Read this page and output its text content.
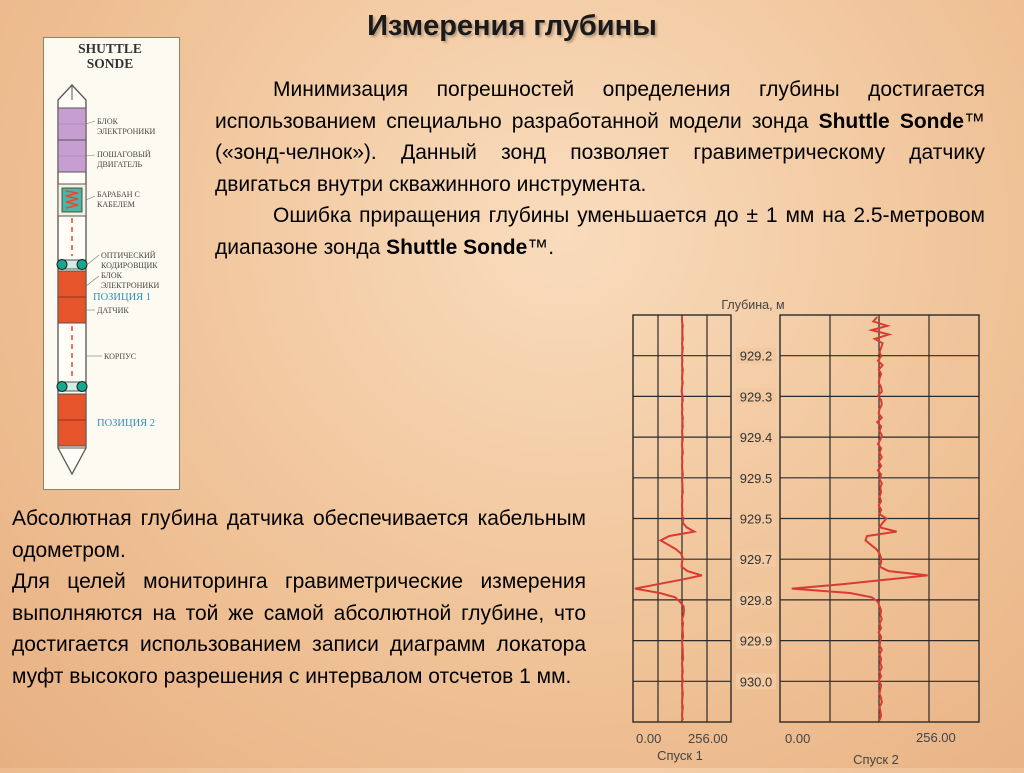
Измерения глубины

Минимизация погрешностей определения глубины достигается использованием специально разработанной модели зонда Shuttle Sonde™ («зонд-челнок»). Данный зонд позволяет гравиметрическому датчику двигаться внутри скважинного инструмента.

Ошибка приращения глубины уменьшается до ± 1 мм на 2.5-метровом диапазоне зонда Shuttle Sonde™.

Абсолютная глубина датчика обеспечивается кабельным одометром.

Для целей мониторинга гравиметрические измерения выполняются на той же самой абсолютной глубине, что достигается использованием записи диаграмм локатора муфт высокого разрешения с интервалом отсчетов 1 мм.

SHUTTLE
SONDE
БЛОК
ЭЛЕКТРОНИКИ
ПОШАГОВЫЙ
ДВИГАТЕЛЬ
БАРАБАН С
КАБЕЛЕМ
ОПТИЧЕСКИЙ
КОДИРОВЩИК
БЛОК
ЭЛЕКТРОНИКИ
ДАТЧИК
КОРПУС
ПОЗИЦИЯ 1
ПОЗИЦИЯ 2
Глубина, м
929.2
929.3
929.4
929.5
929.5
929.7
929.8
929.9
930.0
0.00 256.00
Спуск 1
0.00	256.00
Спуск 2
